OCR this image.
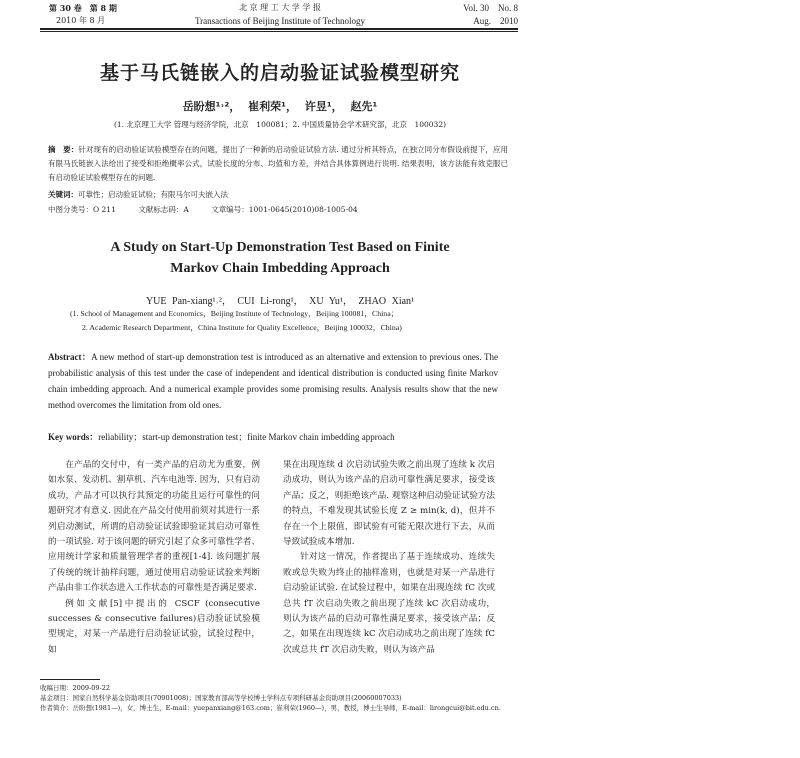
第 30 卷　第 8 期
2010 年 8 月
北 京 理 工 大 学 学 报
Transactions of Beijing Institute of Technology
Vol. 30　No. 8
Aug.　2010
基于马氏链嵌入的启动验证试验模型研究
岳盼想¹˒²， 崔利荣¹， 许昱¹， 赵先¹
(1. 北京理工大学 管理与经济学院，北京　100081；2. 中国质量协会学术研究部，北京　100032)
摘　要：针对现有的启动验证试验模型存在的问题，提出了一种新的启动验证试验方法. 通过分析其特点，在独立同分布假设前提下，应用有限马氏链嵌入法给出了接受和拒绝概率公式，试验长度的分布、均值和方差，并结合具体算例进行说明. 结果表明，该方法能有效克服已有启动验证试验模型存在的问题.
关键词：可靠性；启动验证试验；有限马尔可夫嵌入法
中图分类号：O 211　　　文献标志码：A　　　文章编号：1001-0645(2010)08-1005-04
A Study on Start-Up Demonstration Test Based on Finite
Markov Chain Imbedding Approach
YUE Pan-xiang¹˒²， CUI Li-rong¹， XU Yu¹， ZHAO Xian¹
(1. School of Management and Economics，Beijing Institute of Technology，Beijing 100081，China；
2. Academic Research Department，China Institute for Quality Excellence，Beijing 100032，China)
Abstract：A new method of start-up demonstration test is introduced as an alternative and extension to previous ones. The probabilistic analysis of this test under the case of independent and identical distribution is conducted using finite Markov chain imbedding approach. And a numerical example provides some promising results. Analysis results show that the new method overcomes the limitation from old ones.
Key words：reliability；start-up demonstration test；finite Markov chain imbedding approach

在产品的交付中，有一类产品的启动尤为重要，例如水泵、发动机、割草机、汽车电池等. 因为，只有启动成功，产品才可以执行其预定的功能且运行可靠性的问题研究才有意义. 因此在产品交付使用前须对其进行一系列启动测试，所谓的启动验证试验即验证其启动可靠性的一项试验. 对于该问题的研究引起了众多可靠性学者、应用统计学家和质量管理学者的重视[1-4]. 该问题扩展了传统的统计抽样问题，通过使用启动验证试验来判断产品由非工作状态进入工作状态的可靠性是否满足要求.

例如文献[5]中提出的 CSCF (consecutive successes & consecutive failures)启动验证试验模型规定，对某一产品进行启动验证试验，试验过程中，如

果在出现连续 d 次启动试验失败之前出现了连续 k 次启动成功，则认为该产品的启动可靠性满足要求，接受该产品；反之，则拒绝该产品. 观察这种启动验证试验方法的特点，不难发现其试验长度 Z ≥ min(k, d)，但并不存在一个上限值，即试验有可能无限次进行下去，从而导致试验成本增加.

针对这一情况，作者提出了基于连续成功、连续失败或总失败为终止的抽样准则，也就是对某一产品进行启动验证试验. 在试验过程中，如果在出现连续 fC 次或总共 fT 次启动失败之前出现了连续 kC 次启动成功，则认为该产品的启动可靠性满足要求，接受该产品；反之，如果在出现连续 kC 次启动成功之前出现了连续 fC 次或总共 fT 次启动失败，则认为该产品

收稿日期：2009-09-22
基金项目：国家自然科学基金资助项目(70901008)；国家教育部高等学校博士学科点专项科研基金资助项目(20060007033)
作者简介：岳盼想(1981—)，女，博士生，E-mail：yuepanxiang@163.com；崔利荣(1960—)，男，教授，博士生导师，E-mail：lirongcui@bit.edu.cn.
